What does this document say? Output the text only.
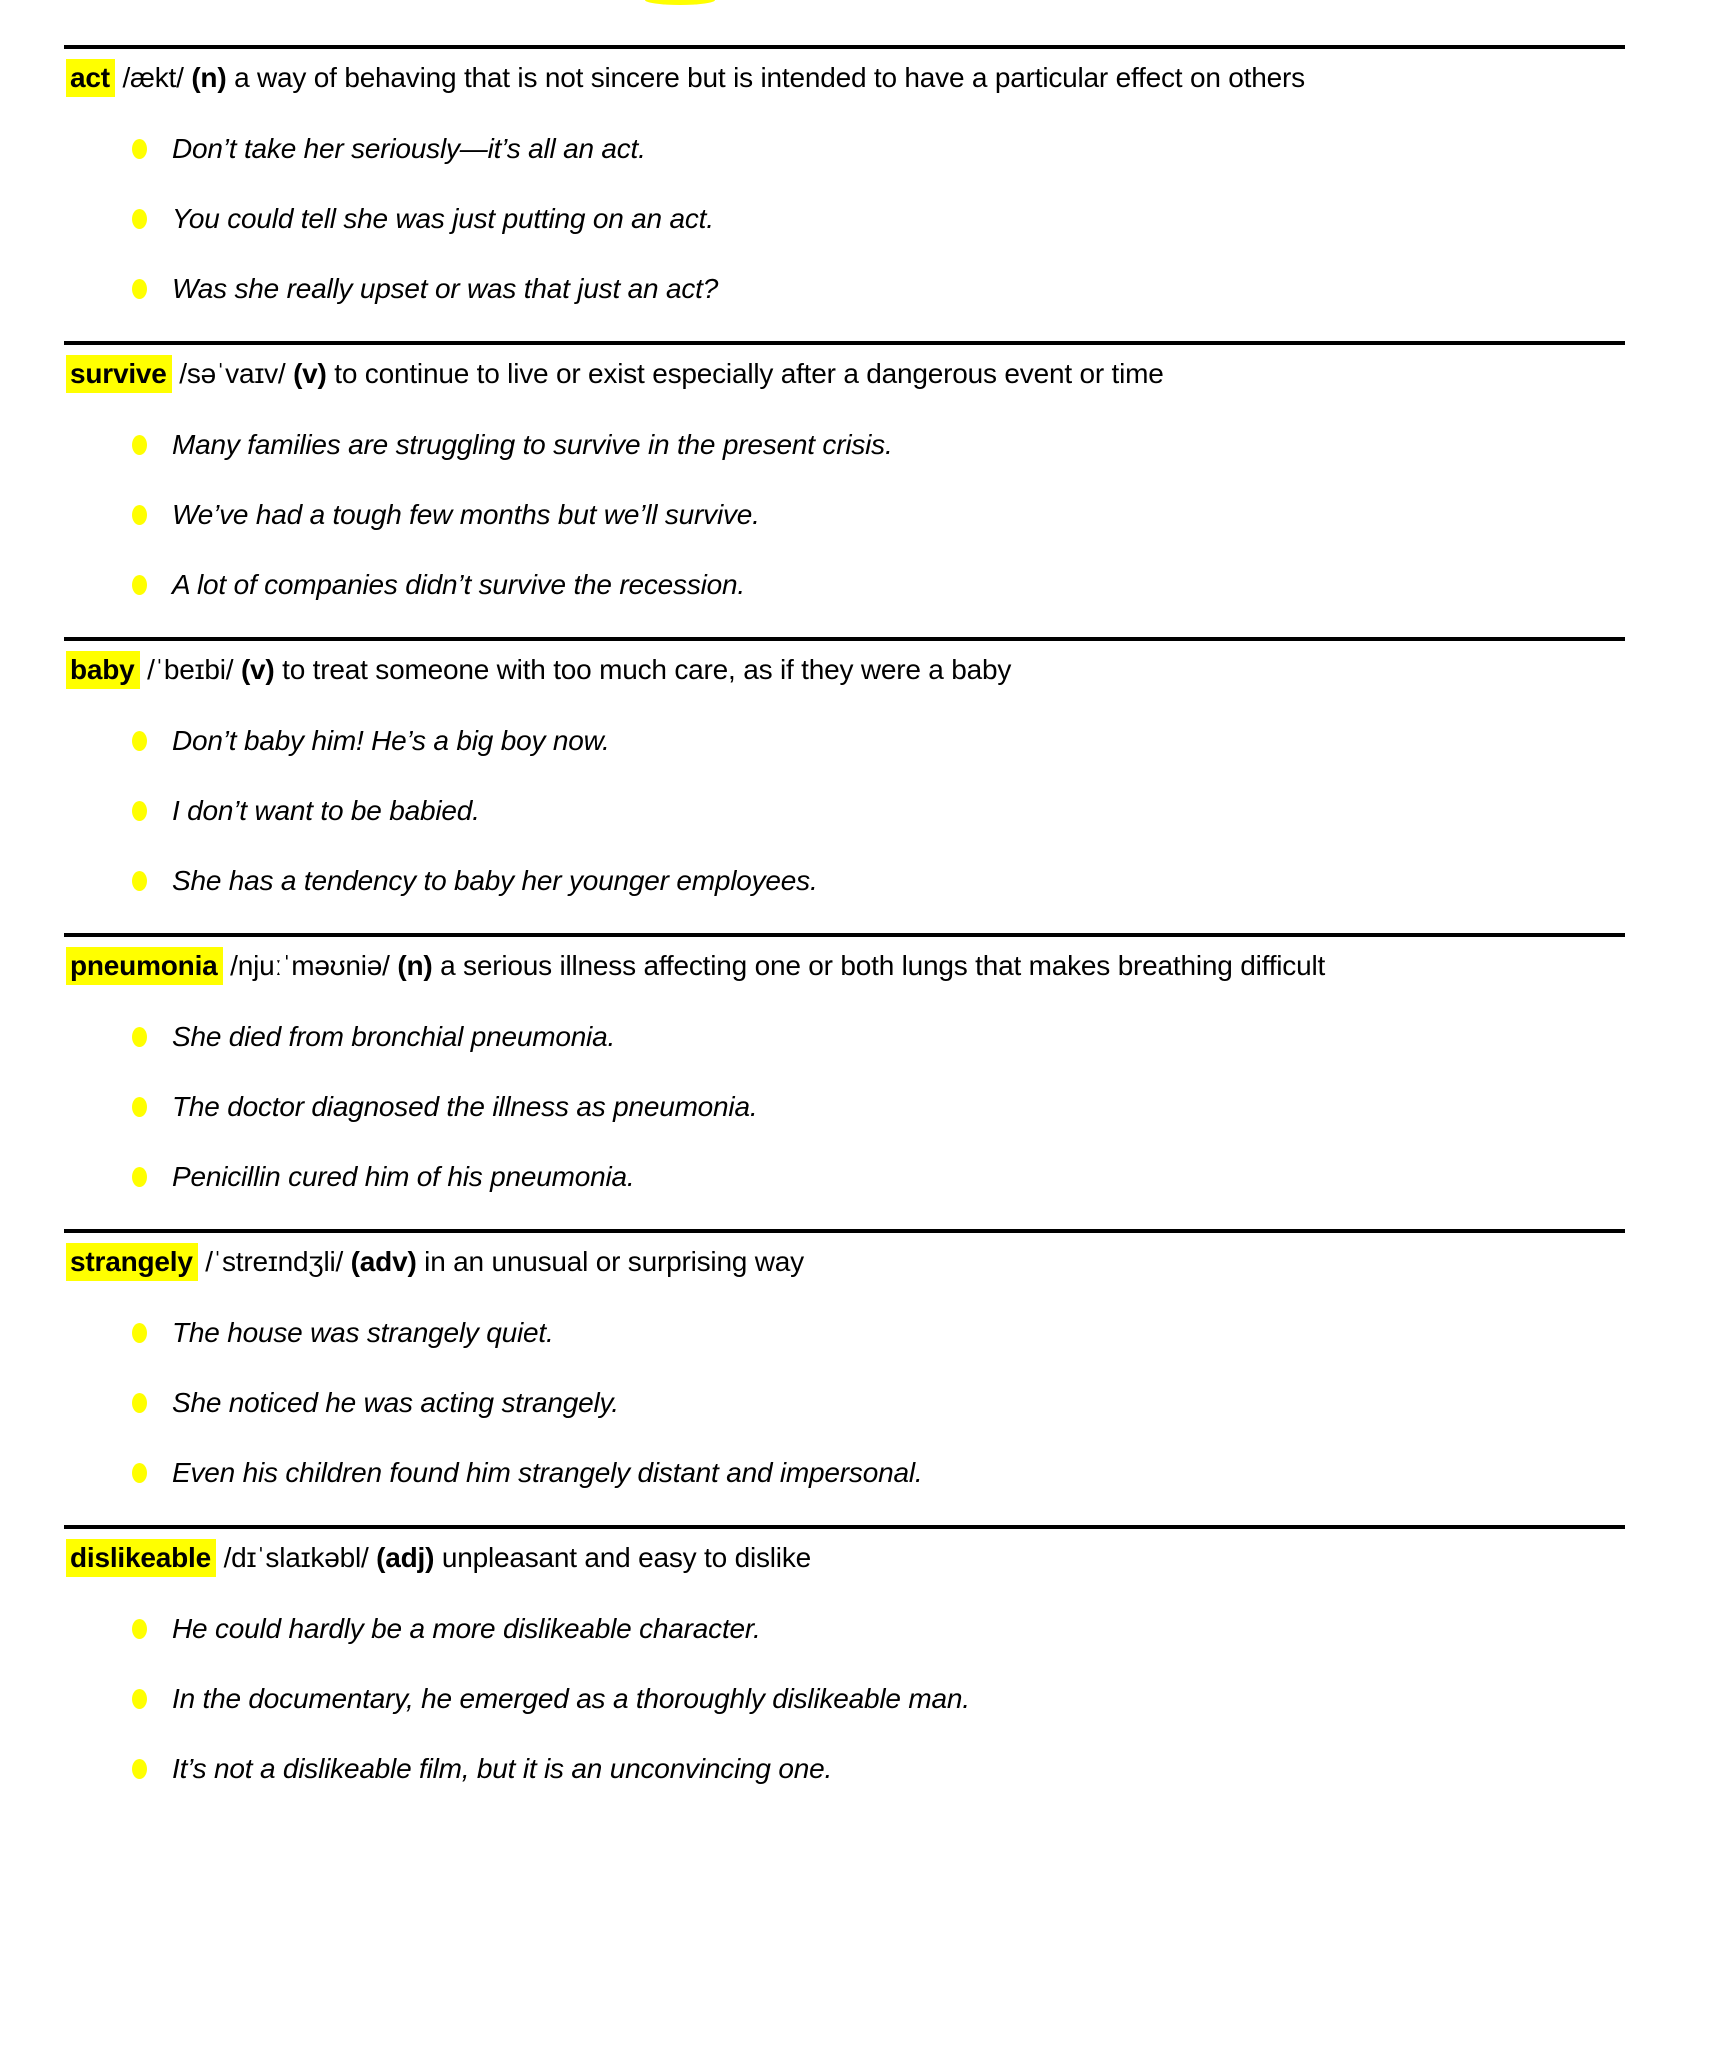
act /ækt/ (n) a way of behaving that is not sincere but is intended to have a particular effect on others

Don’t take her seriously—it’s all an act.
You could tell she was just putting on an act.
Was she really upset or was that just an act?

survive /səˈvaɪv/ (v) to continue to live or exist especially after a dangerous event or time

Many families are struggling to survive in the present crisis.
We’ve had a tough few months but we’ll survive.
A lot of companies didn’t survive the recession.

baby /ˈbeɪbi/ (v) to treat someone with too much care, as if they were a baby

Don’t baby him! He’s a big boy now.
I don’t want to be babied.
She has a tendency to baby her younger employees.

pneumonia /njuːˈməʊniə/ (n) a serious illness affecting one or both lungs that makes breathing difficult

She died from bronchial pneumonia.
The doctor diagnosed the illness as pneumonia.
Penicillin cured him of his pneumonia.

strangely /ˈstreɪndʒli/ (adv) in an unusual or surprising way

The house was strangely quiet.
She noticed he was acting strangely.
Even his children found him strangely distant and impersonal.

dislikeable /dɪˈslaɪkəbl/ (adj) unpleasant and easy to dislike

He could hardly be a more dislikeable character.
In the documentary, he emerged as a thoroughly dislikeable man.
It’s not a dislikeable film, but it is an unconvincing one.
